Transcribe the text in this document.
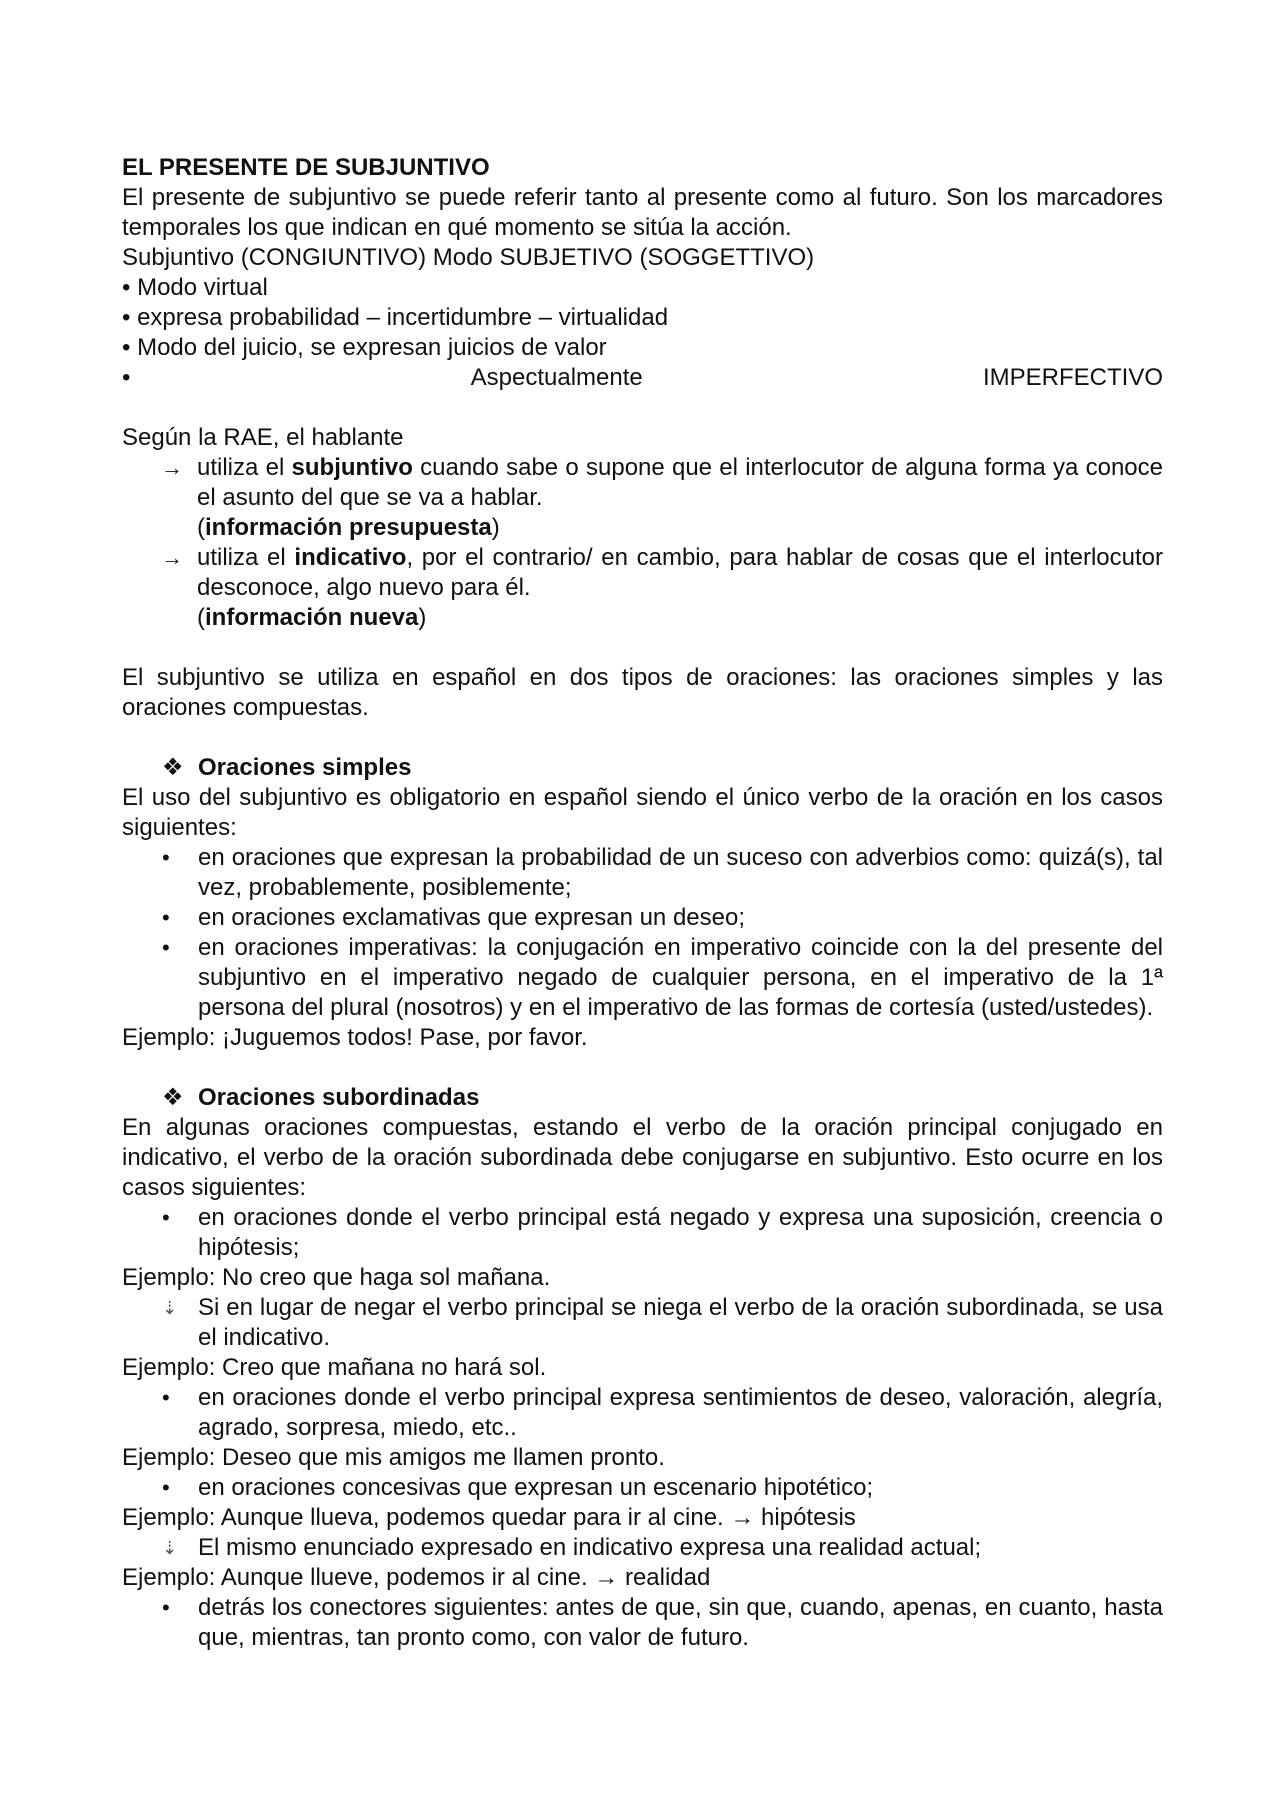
EL PRESENTE DE SUBJUNTIVO

El presente de subjuntivo se puede referir tanto al presente como al futuro. Son los marcadores temporales los que indican en qué momento se sitúa la acción.

Subjuntivo (CONGIUNTIVO) Modo SUBJETIVO (SOGGETTIVO)

• Modo virtual

• expresa probabilidad – incertidumbre – virtualidad

• Modo del juicio, se expresan juicios de valor

•	Aspectualmente	IMPERFECTIVO

Según la RAE, el hablante

→ utiliza el subjuntivo cuando sabe o supone que el interlocutor de alguna forma ya conoce el asunto del que se va a hablar.

(información presupuesta)

→ utiliza el indicativo, por el contrario/ en cambio, para hablar de cosas que el interlocutor desconoce, algo nuevo para él.

(información nueva)

El subjuntivo se utiliza en español en dos tipos de oraciones: las oraciones simples y las oraciones compuestas.

❖ Oraciones simples

El uso del subjuntivo es obligatorio en español siendo el único verbo de la oración en los casos siguientes:

•	en oraciones que expresan la probabilidad de un suceso con adverbios como: quizá(s), tal vez, probablemente, posiblemente;
•	en oraciones exclamativas que expresan un deseo;
•	en oraciones imperativas: la conjugación en imperativo coincide con la del presente del subjuntivo en el imperativo negado de cualquier persona, en el imperativo de la 1ª persona del plural (nosotros) y en el imperativo de las formas de cortesía (usted/ustedes).

Ejemplo: ¡Juguemos todos! Pase, por favor.

❖ Oraciones subordinadas

En algunas oraciones compuestas, estando el verbo de la oración principal conjugado en indicativo, el verbo de la oración subordinada debe conjugarse en subjuntivo. Esto ocurre en los casos siguientes:

•	en oraciones donde el verbo principal está negado y expresa una suposición, creencia o hipótesis;

Ejemplo: No creo que haga sol mañana.

⇣ Si en lugar de negar el verbo principal se niega el verbo de la oración subordinada, se usa el indicativo.

Ejemplo: Creo que mañana no hará sol.

•	en oraciones donde el verbo principal expresa sentimientos de deseo, valoración, alegría, agrado, sorpresa, miedo, etc..

Ejemplo: Deseo que mis amigos me llamen pronto.

•	en oraciones concesivas que expresan un escenario hipotético;

Ejemplo: Aunque llueva, podemos quedar para ir al cine. → hipótesis

⇣ El mismo enunciado expresado en indicativo expresa una realidad actual;

Ejemplo: Aunque llueve, podemos ir al cine. → realidad

•	detrás los conectores siguientes: antes de que, sin que, cuando, apenas, en cuanto, hasta que, mientras, tan pronto como, con valor de futuro.
